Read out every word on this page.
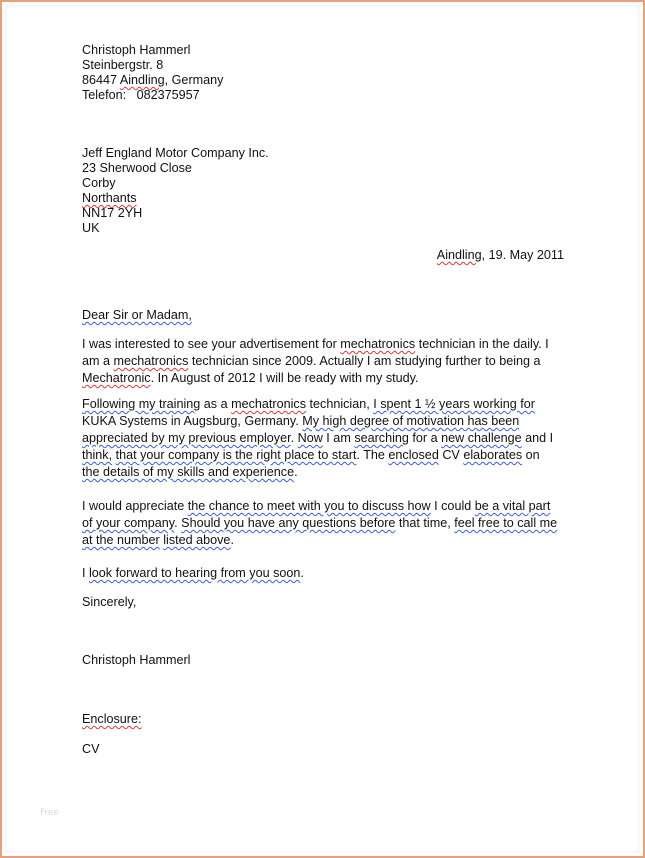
Christoph Hammerl
Steinbergstr. 8
86447 Aindling, Germany
Telefon:   082375957
Jeff England Motor Company Inc.
23 Sherwood Close
Corby
Northants
NN17 2YH
UK
Aindling, 19. May 2011
Dear Sir or Madam,
I was interested to see your advertisement for mechatronics technician in the daily. I
am a mechatronics technician since 2009. Actually I am studying further to being a
Mechatronic. In August of 2012 I will be ready with my study.
Following my training as a mechatronics technician, I spent 1 ½ years working for
KUKA Systems in Augsburg, Germany. My high degree of motivation has been
appreciated by my previous employer. Now I am searching for a new challenge and I
think, that your company is the right place to start. The enclosed CV elaborates on
the details of my skills and experience.
I would appreciate the chance to meet with you to discuss how I could be a vital part
of your company. Should you have any questions before that time, feel free to call me
at the number listed above.
I look forward to hearing from you soon.
Sincerely,
Christoph Hammerl
Enclosure:
CV
Free
